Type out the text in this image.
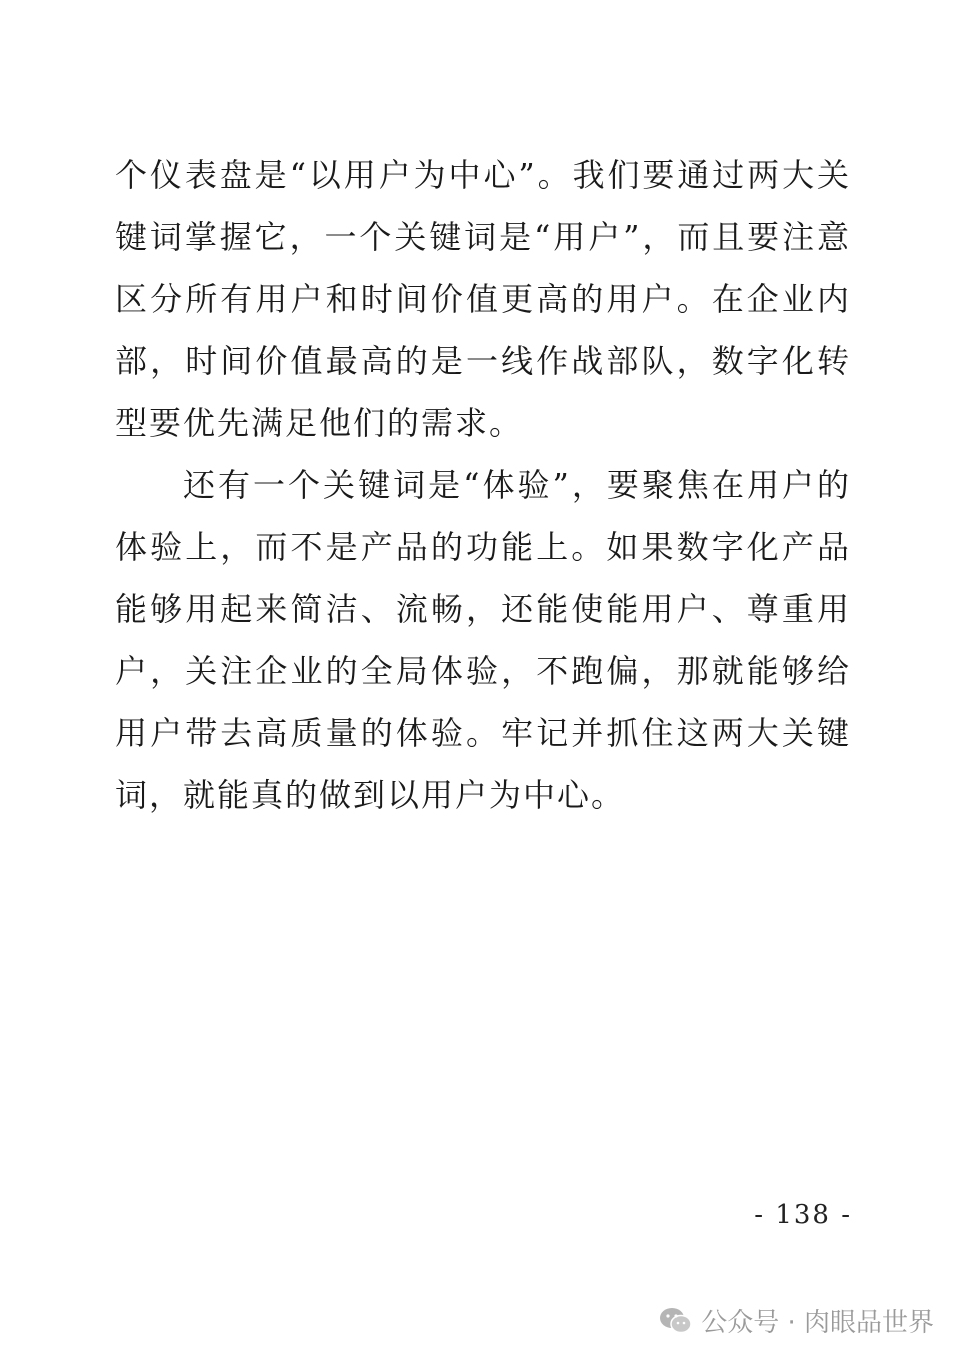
个仪表盘是“以用户为中心”。我们要通过两大关键词掌握它，一个关键词是“用户”，而且要注意区分所有用户和时间价值更高的用户。在企业内部，时间价值最高的是一线作战部队，数字化转型要优先满足他们的需求。

还有一个关键词是“体验”，要聚焦在用户的体验上，而不是产品的功能上。如果数字化产品能够用起来简洁、流畅，还能使能用户、尊重用户，关注企业的全局体验，不跑偏，那就能够给用户带去高质量的体验。牢记并抓住这两大关键词，就能真的做到以用户为中心。

- 138 -
公众号 · 肉眼品世界
